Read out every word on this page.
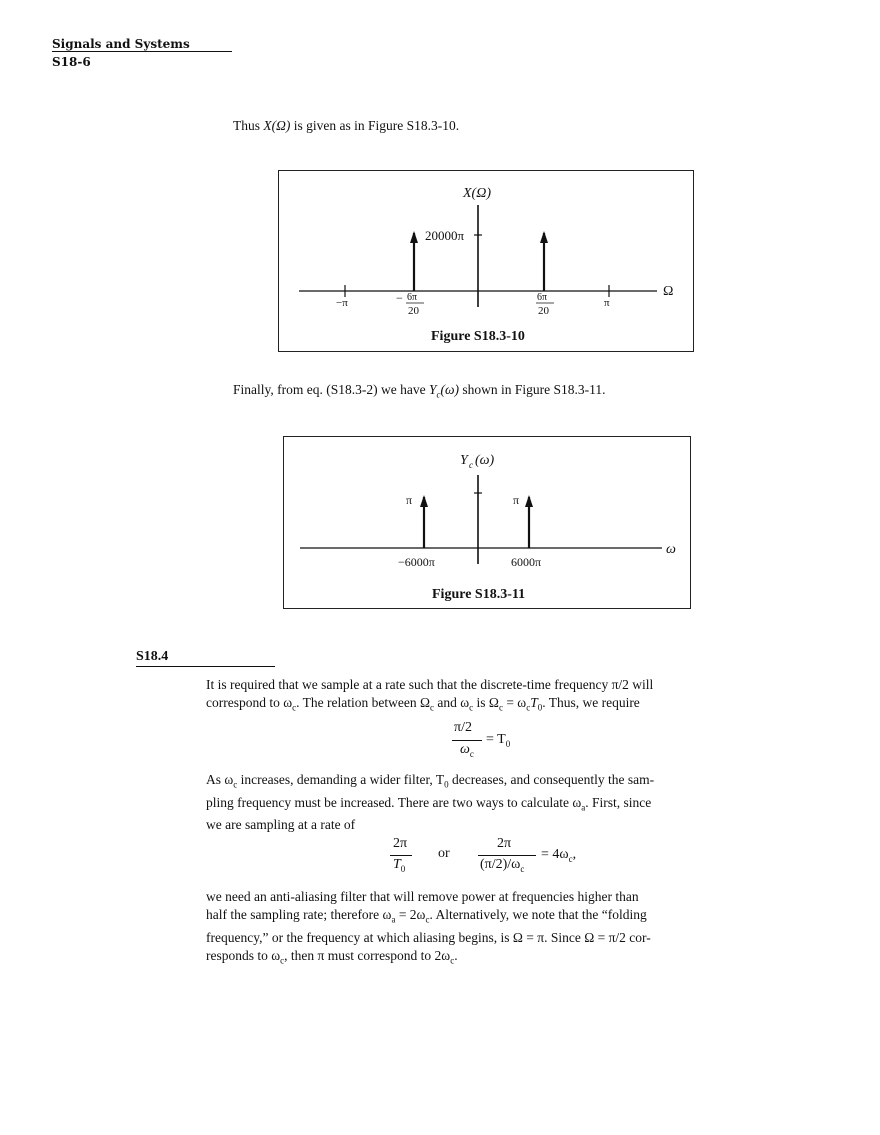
Signals and Systems
S18-6
Thus X(Ω) is given as in Figure S18.3-10.
X(Ω)
20000π
Ω
−π	− 6π
20
6π
20
π
Figure S18.3-10
Finally, from eq. (S18.3-2) we have $Y_c(\omega)$ shown in Figure S18.3-11.
Y c (ω)
π	π
−6000π	6000π
ω
Figure S18.3-11
S18.4
It is required that we sample at a rate such that the discrete-time frequency π/2 will
correspond to $\omega_c$. The relation between $\Omega_c$ and $\omega_c$ is $\Omega_c = \omega_cT_0$. Thus, we require
π/2
$\omega_c$
= $T_0$
As $\omega_c$ increases, demanding a wider filter, $T_0$ decreases, and consequently the sam-
pling frequency must be increased. There are two ways to calculate $\omega_a$. First, since
we are sampling at a rate of
2π
$T_0$
or
2π
$(\pi/2)/\omega_c$
= $4\omega_c$,
we need an anti-aliasing filter that will remove power at frequencies higher than
half the sampling rate; therefore $\omega_a = 2\omega_c$. Alternatively, we note that the “folding
frequency,” or the frequency at which aliasing begins, is Ω = π. Since Ω = π/2 cor-
responds to $\omega_c$, then π must correspond to $2\omega_c$.
